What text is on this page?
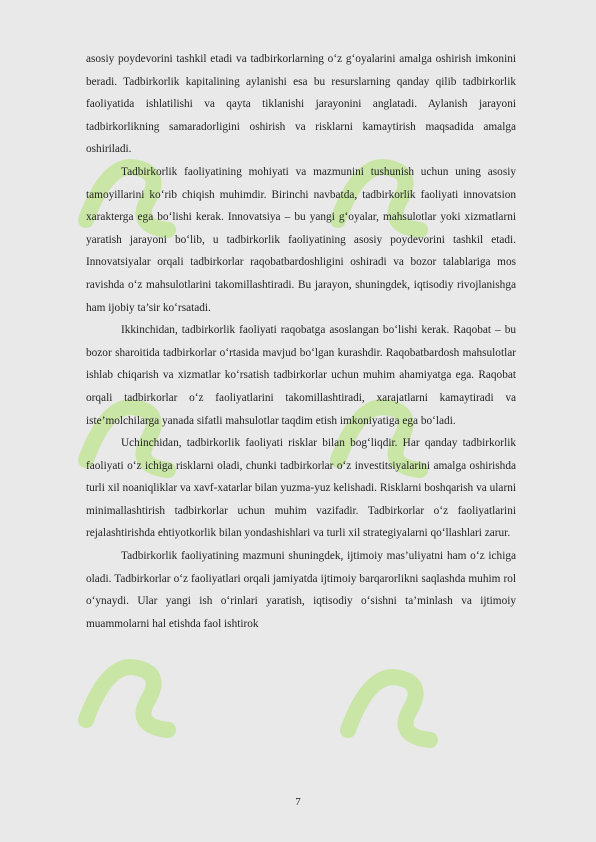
asosiy poydevorini tashkil etadi va tadbirkorlarning o‘z g‘oyalarini amalga oshirish imkonini beradi. Tadbirkorlik kapitalining aylanishi esa bu resurslarning qanday qilib tadbirkorlik faoliyatida ishlatilishi va qayta tiklanishi jarayonini anglatadi. Aylanish jarayoni tadbirkorlikning samaradorligini oshirish va risklarni kamaytirish maqsadida amalga oshiriladi.

Tadbirkorlik faoliyatining mohiyati va mazmunini tushunish uchun uning asosiy tamoyillarini ko‘rib chiqish muhimdir. Birinchi navbatda, tadbirkorlik faoliyati innovatsion xarakterga ega bo‘lishi kerak. Innovatsiya – bu yangi g‘oyalar, mahsulotlar yoki xizmatlarni yaratish jarayoni bo‘lib, u tadbirkorlik faoliyatining asosiy poydevorini tashkil etadi. Innovatsiyalar orqali tadbirkorlar raqobatbardoshligini oshiradi va bozor talablariga mos ravishda o‘z mahsulotlarini takomillashtiradi. Bu jarayon, shuningdek, iqtisodiy rivojlanishga ham ijobiy ta’sir ko‘rsatadi.

Ikkinchidan, tadbirkorlik faoliyati raqobatga asoslangan bo‘lishi kerak. Raqobat – bu bozor sharoitida tadbirkorlar o‘rtasida mavjud bo‘lgan kurashdir. Raqobatbardosh mahsulotlar ishlab chiqarish va xizmatlar ko‘rsatish tadbirkorlar uchun muhim ahamiyatga ega. Raqobat orqali tadbirkorlar o‘z faoliyatlarini takomillashtiradi, xarajatlarni kamaytiradi va iste’molchilarga yanada sifatli mahsulotlar taqdim etish imkoniyatiga ega bo‘ladi.

Uchinchidan, tadbirkorlik faoliyati risklar bilan bog‘liqdir. Har qanday tadbirkorlik faoliyati o‘z ichiga risklarni oladi, chunki tadbirkorlar o‘z investitsiyalarini amalga oshirishda turli xil noaniqliklar va xavf-xatarlar bilan yuzma-yuz kelishadi. Risklarni boshqarish va ularni minimallashtirish tadbirkorlar uchun muhim vazifadir. Tadbirkorlar o‘z faoliyatlarini rejalashtirishda ehtiyotkorlik bilan yondashishlari va turli xil strategiyalarni qo‘llashlari zarur.

Tadbirkorlik faoliyatining mazmuni shuningdek, ijtimoiy mas’uliyatni ham o‘z ichiga oladi. Tadbirkorlar o‘z faoliyatlari orqali jamiyatda ijtimoiy barqarorlikni saqlashda muhim rol o‘ynaydi. Ular yangi ish o‘rinlari yaratish, iqtisodiy o‘sishni ta’minlash va ijtimoiy muammolarni hal etishda faol ishtirok

7
